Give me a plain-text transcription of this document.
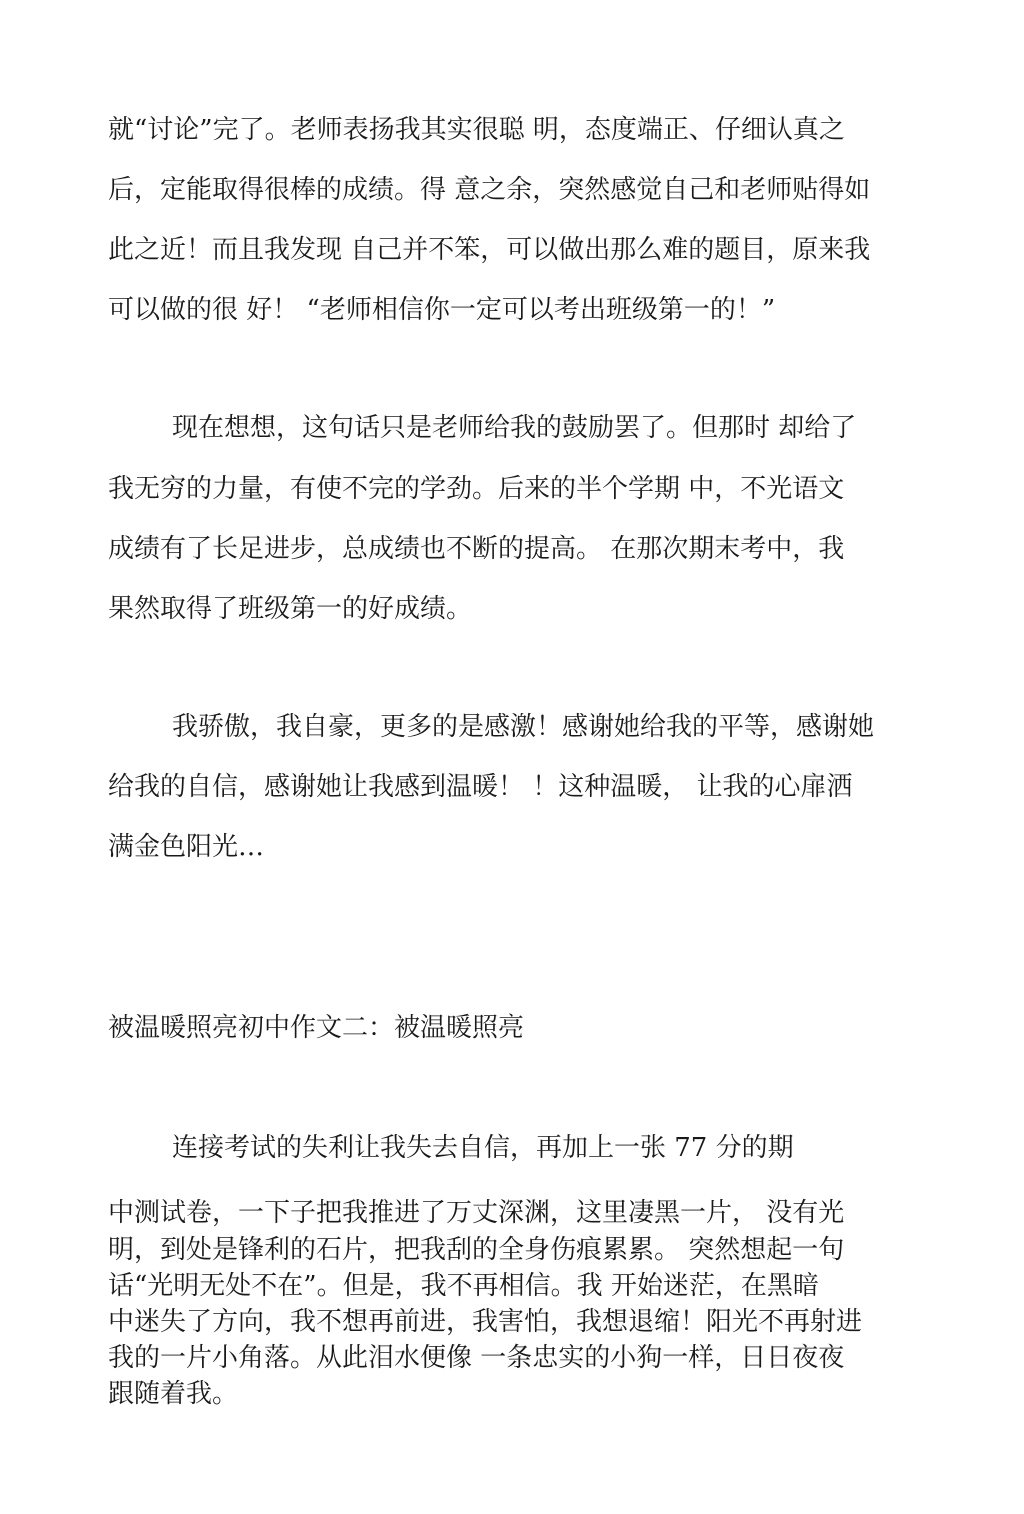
就“讨论”完了。老师表扬我其实很聪 明，态度端正、仔细认真之
后，定能取得很棒的成绩。得 意之余，突然感觉自己和老师贴得如
此之近！而且我发现 自己并不笨，可以做出那么难的题目，原来我
可以做的很 好！ “老师相信你一定可以考出班级第一的！”
现在想想，这句话只是老师给我的鼓励罢了。但那时 却给了
我无穷的力量，有使不完的学劲。后来的半个学期 中，不光语文
成绩有了长足进步，总成绩也不断的提高。 在那次期末考中，我
果然取得了班级第一的好成绩。
我骄傲，我自豪，更多的是感激！感谢她给我的平等，感谢她
给我的自信，感谢她让我感到温暖！ ！这种温暖， 让我的心扉洒
满金色阳光…
被温暖照亮初中作文二：被温暖照亮
连接考试的失利让我失去自信，再加上一张 77 分的期
中测试卷，一下子把我推进了万丈深渊，这里凄黑一片， 没有光
明，到处是锋利的石片，把我刮的全身伤痕累累。 突然想起一句
话“光明无处不在”。但是，我不再相信。我 开始迷茫，在黑暗
中迷失了方向，我不想再前进，我害怕，我想退缩！阳光不再射进
我的一片小角落。从此泪水便像 一条忠实的小狗一样，日日夜夜
跟随着我。
